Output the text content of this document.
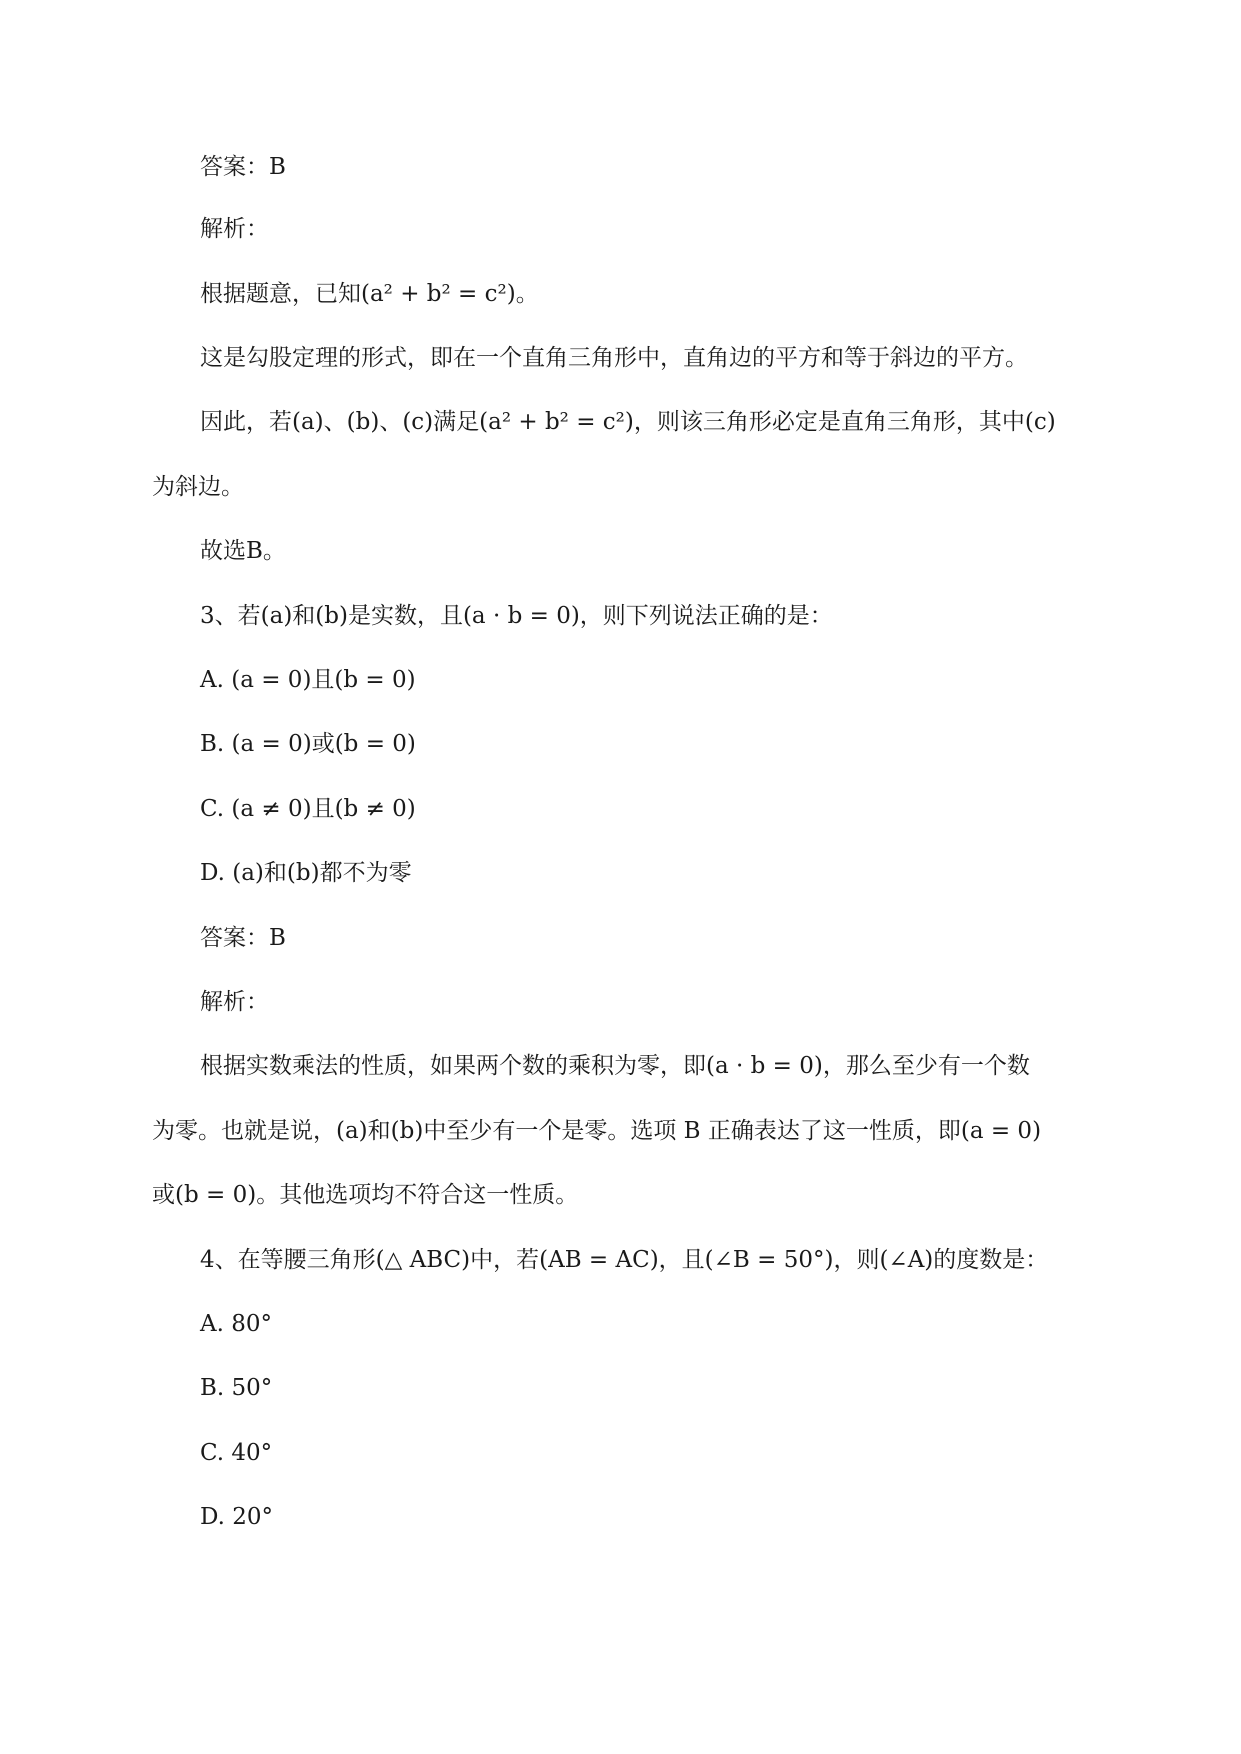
答案：B
解析：
根据题意，已知(a² + b² = c²)。
这是勾股定理的形式，即在一个直角三角形中，直角边的平方和等于斜边的平方。
因此，若(a)、(b)、(c)满足(a² + b² = c²)，则该三角形必定是直角三角形，其中(c)
为斜边。
故选B。
3、若(a)和(b)是实数，且(a · b = 0)，则下列说法正确的是：
A. (a = 0)且(b = 0)
B. (a = 0)或(b = 0)
C. (a ≠ 0)且(b ≠ 0)
D. (a)和(b)都不为零
答案：B
解析：
根据实数乘法的性质，如果两个数的乘积为零，即(a · b = 0)，那么至少有一个数
为零。也就是说，(a)和(b)中至少有一个是零。选项 B 正确表达了这一性质，即(a = 0)
或(b = 0)。其他选项均不符合这一性质。
4、在等腰三角形(△ ABC)中，若(AB = AC)，且(∠B = 50°)，则(∠A)的度数是：
A. 80°
B. 50°
C. 40°
D. 20°
